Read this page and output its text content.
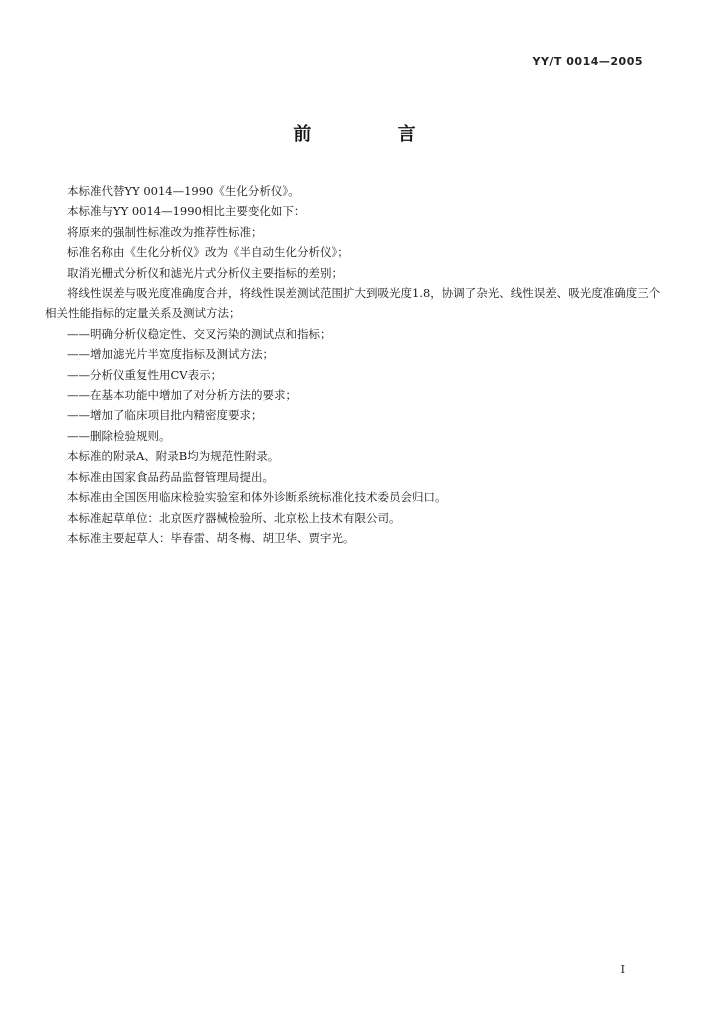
YY/T 0014—2005
前 言

本标准代替YY 0014—1990《生化分析仪》。

本标准与YY 0014—1990相比主要变化如下：

将原来的强制性标准改为推荐性标准；

标准名称由《生化分析仪》改为《半自动生化分析仪》；

取消光栅式分析仪和滤光片式分析仪主要指标的差别；

将线性误差与吸光度准确度合并，将线性误差测试范围扩大到吸光度1.8，协调了杂光、线性误差、吸光度准确度三个相关性能指标的定量关系及测试方法；

——明确分析仪稳定性、交叉污染的测试点和指标；

——增加滤光片半宽度指标及测试方法；

——分析仪重复性用CV表示；

——在基本功能中增加了对分析方法的要求；

——增加了临床项目批内精密度要求；

——删除检验规则。

本标准的附录A、附录B均为规范性附录。

本标准由国家食品药品监督管理局提出。

本标准由全国医用临床检验实验室和体外诊断系统标准化技术委员会归口。

本标准起草单位：北京医疗器械检验所、北京松上技术有限公司。

本标准主要起草人：毕春雷、胡冬梅、胡卫华、贾宇光。

I
